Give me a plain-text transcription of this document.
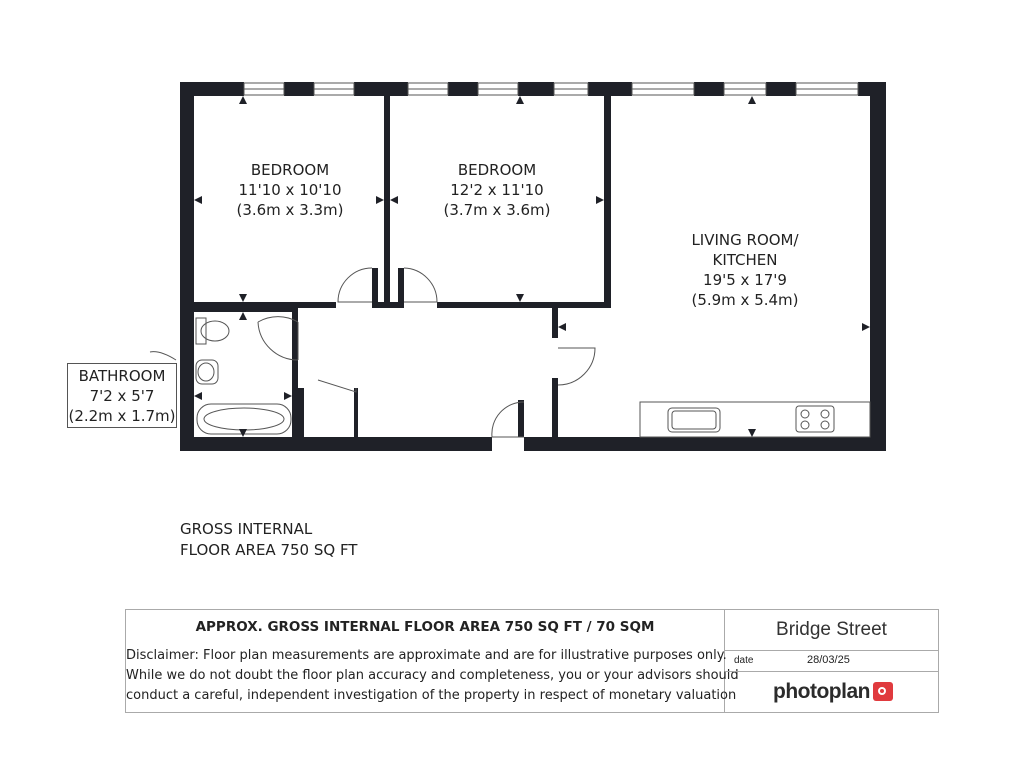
BEDROOM
11'10 x 10'10
(3.6m x 3.3m)
BEDROOM
12'2 x 11'10
(3.7m x 3.6m)
LIVING ROOM/
KITCHEN
19'5 x 17'9
(5.9m x 5.4m)
BATHROOM
7'2 x 5'7
(2.2m x 1.7m)
GROSS INTERNAL
FLOOR AREA 750 SQ FT
APPROX. GROSS INTERNAL FLOOR AREA 750 SQ FT / 70 SQM
Disclaimer: Floor plan measurements are approximate and are for illustrative purposes only.
While we do not doubt the floor plan accuracy and completeness, you or your advisors should
conduct a careful, independent investigation of the property in respect of monetary valuation
Bridge Street
date	28/03/25
photoplan
